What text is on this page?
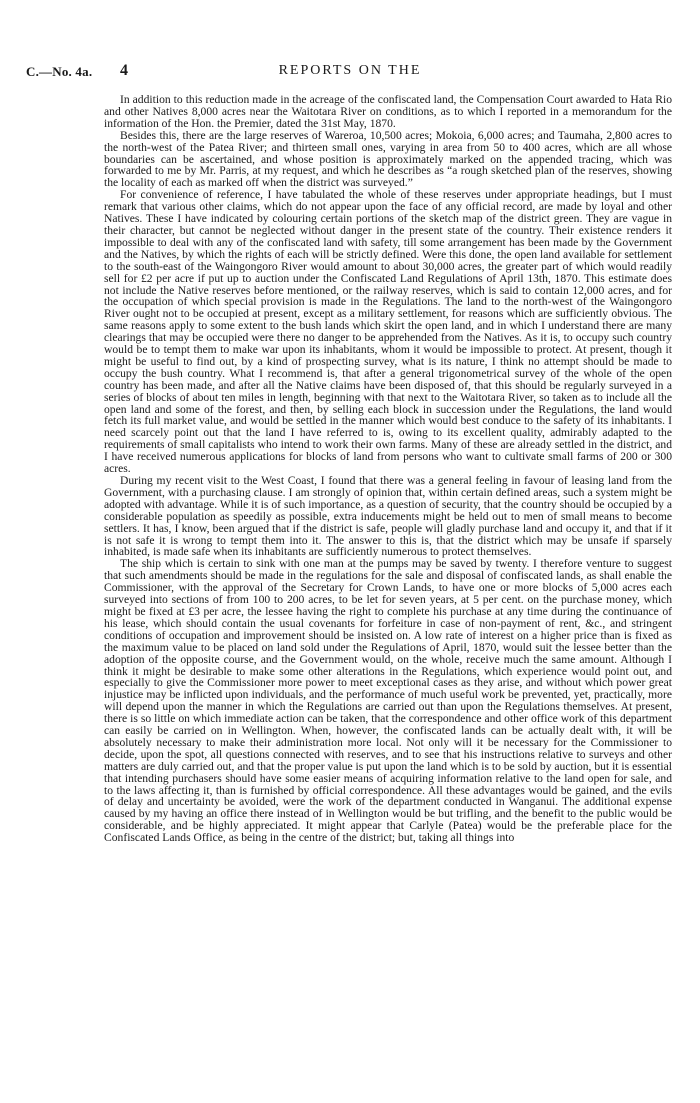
C.—No. 4a. 4	REPORTS ON THE

In addition to this reduction made in the acreage of the confiscated land, the Compensation Court awarded to Hata Rio and other Natives 8,000 acres near the Waitotara River on conditions, as to which I reported in a memorandum for the information of the Hon. the Premier, dated the 31st May, 1870.

Besides this, there are the large reserves of Wareroa, 10,500 acres; Mokoia, 6,000 acres; and Taumaha, 2,800 acres to the north-west of the Patea River; and thirteen small ones, varying in area from 50 to 400 acres, which are all whose boundaries can be ascertained, and whose position is approximately marked on the appended tracing, which was forwarded to me by Mr. Parris, at my request, and which he describes as “a rough sketched plan of the reserves, showing the locality of each as marked off when the district was surveyed.”

For convenience of reference, I have tabulated the whole of these reserves under appropriate headings, but I must remark that various other claims, which do not appear upon the face of any official record, are made by loyal and other Natives. These I have indicated by colouring certain portions of the sketch map of the district green. They are vague in their character, but cannot be neglected without danger in the present state of the country. Their existence renders it impossible to deal with any of the confiscated land with safety, till some arrangement has been made by the Government and the Natives, by which the rights of each will be strictly defined. Were this done, the open land available for settlement to the south-east of the Waingongoro River would amount to about 30,000 acres, the greater part of which would readily sell for £2 per acre if put up to auction under the Confiscated Land Regulations of April 13th, 1870. This estimate does not include the Native reserves before mentioned, or the railway reserves, which is said to contain 12,000 acres, and for the occupation of which special provision is made in the Regulations. The land to the north-west of the Waingongoro River ought not to be occupied at present, except as a military settlement, for reasons which are sufficiently obvious. The same reasons apply to some extent to the bush lands which skirt the open land, and in which I understand there are many clearings that may be occupied were there no danger to be apprehended from the Natives. As it is, to occupy such country would be to tempt them to make war upon its inhabitants, whom it would be impossible to protect. At present, though it might be useful to find out, by a kind of prospecting survey, what is its nature, I think no attempt should be made to occupy the bush country. What I recommend is, that after a general trigonometrical survey of the whole of the open country has been made, and after all the Native claims have been disposed of, that this should be regularly surveyed in a series of blocks of about ten miles in length, beginning with that next to the Waitotara River, so taken as to include all the open land and some of the forest, and then, by selling each block in succession under the Regulations, the land would fetch its full market value, and would be settled in the manner which would best conduce to the safety of its inhabitants. I need scarcely point out that the land I have referred to is, owing to its excellent quality, admirably adapted to the requirements of small capitalists who intend to work their own farms. Many of these are already settled in the district, and I have received numerous applications for blocks of land from persons who want to cultivate small farms of 200 or 300 acres.

During my recent visit to the West Coast, I found that there was a general feeling in favour of leasing land from the Government, with a purchasing clause. I am strongly of opinion that, within certain defined areas, such a system might be adopted with advantage. While it is of such importance, as a question of security, that the country should be occupied by a considerable population as speedily as possible, extra inducements might be held out to men of small means to become settlers. It has, I know, been argued that if the district is safe, people will gladly purchase land and occupy it, and that if it is not safe it is wrong to tempt them into it. The answer to this is, that the district which may be unsafe if sparsely inhabited, is made safe when its inhabitants are sufficiently numerous to protect themselves.

The ship which is certain to sink with one man at the pumps may be saved by twenty. I therefore venture to suggest that such amendments should be made in the regulations for the sale and disposal of confiscated lands, as shall enable the Commissioner, with the approval of the Secretary for Crown Lands, to have one or more blocks of 5,000 acres each surveyed into sections of from 100 to 200 acres, to be let for seven years, at 5 per cent. on the purchase money, which might be fixed at £3 per acre, the lessee having the right to complete his purchase at any time during the continuance of his lease, which should contain the usual covenants for forfeiture in case of non-payment of rent, &c., and stringent conditions of occupation and improvement should be insisted on. A low rate of interest on a higher price than is fixed as the maximum value to be placed on land sold under the Regulations of April, 1870, would suit the lessee better than the adoption of the opposite course, and the Government would, on the whole, receive much the same amount. Although I think it might be desirable to make some other alterations in the Regulations, which experience would point out, and especially to give the Commissioner more power to meet exceptional cases as they arise, and without which power great injustice may be inflicted upon individuals, and the performance of much useful work be prevented, yet, practically, more will depend upon the manner in which the Regulations are carried out than upon the Regulations themselves. At present, there is so little on which immediate action can be taken, that the correspondence and other office work of this department can easily be carried on in Wellington. When, however, the confiscated lands can be actually dealt with, it will be absolutely necessary to make their administration more local. Not only will it be necessary for the Commissioner to decide, upon the spot, all questions connected with reserves, and to see that his instructions relative to surveys and other matters are duly carried out, and that the proper value is put upon the land which is to be sold by auction, but it is essential that intending purchasers should have some easier means of acquiring information relative to the land open for sale, and to the laws affecting it, than is furnished by official correspondence. All these advantages would be gained, and the evils of delay and uncertainty be avoided, were the work of the department conducted in Wanganui. The additional expense caused by my having an office there instead of in Wellington would be but trifling, and the benefit to the public would be considerable, and be highly appreciated. It might appear that Carlyle (Patea) would be the preferable place for the Confiscated Lands Office, as being in the centre of the district; but, taking all things into
